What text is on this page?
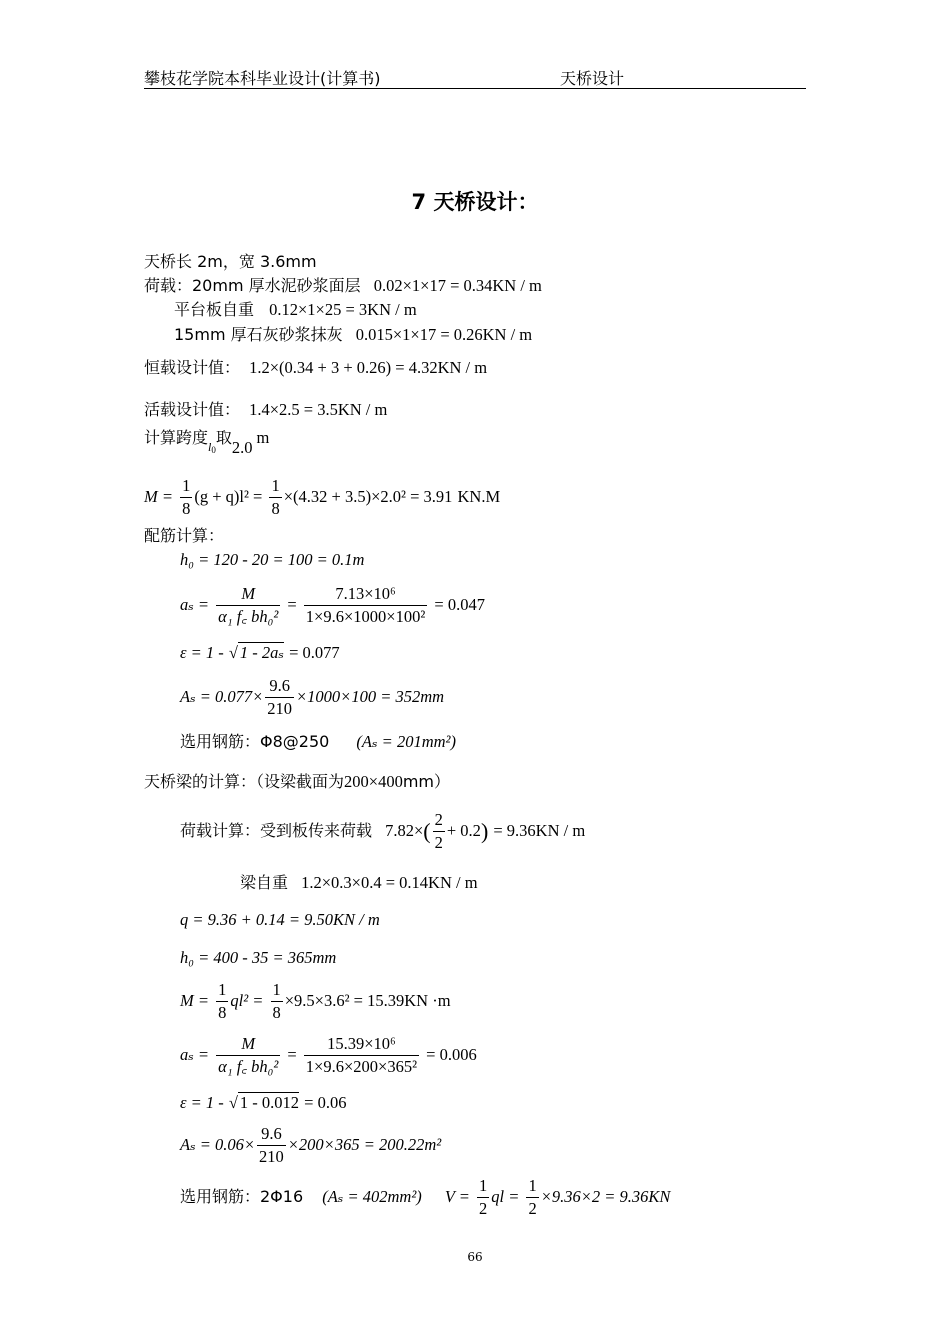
攀枝花学院本科毕业设计(计算书)	天桥设计
7 天桥设计：
天桥长 2m，宽 3.6mm
荷载：20mm 厚水泥砂浆面层 0.02×1×17 = 0.34KN / m
平台板自重 0.12×1×25 = 3KN / m
15mm 厚石灰砂浆抹灰 0.015×1×17 = 0.26KN / m
恒载设计值： 1.2×(0.34 + 3 + 0.26) = 4.32KN / m
活载设计值： 1.4×2.5 = 3.5KN / m
计算跨度$_{l0}$取2.0m
$M = \frac{1}{8} (g + q)l^2 = \frac{1}{8} \times(4.32 + 3.5)\times 2.0^2 = 3.91$ KN.M
配筋计算：
h₀ = 120 - 20 = 100 = 0.1m
$a_s = \frac{M}{\text{α₁ f꜀ bh₀²}} = \frac{\text{7.13×10⁶}}{\text{1×9.6×1000×100²}} = 0.047$
ε = 1 - √ 1 - 2aₛ = 0.077
$A_s = 0.077\times \frac{9.6}{210} \times 1000\times 100 = 352mm$
选用钢筋：Φ8@250 (Aₛ = 201mm²)
天桥梁的计算：（设梁截面为200×400mm）
荷载计算：受到板传来荷载 $7.82\times( \frac{2}{2} + 0.2) = 9.36KN / m$
梁自重 1.2×0.3×0.4 = 0.14KN / m
q = 9.36 + 0.14 = 9.50KN / m
h₀ = 400 - 35 = 365mm
$M = \frac{1}{8} ql^2 = \frac{1}{8} \times 9.5\times 3.6^2 = 15.39KN \cdot m$
$a_s = \frac{M}{\text{α₁ f꜀ bh₀²}} = \frac{\text{15.39×10⁶}}{\text{1×9.6×200×365²}} = 0.006$
ε = 1 - √ 1 - 0.012 = 0.06
$A_s = 0.06\times \frac{9.6}{210} \times 200\times 365 = 200.22m^2$
选用钢筋：2Φ16 (Aₛ = 402mm²) $V = \frac{1}{2}$ ql = $\frac{1}{2} \times 9.36\times 2 = 9.36KN$
66
